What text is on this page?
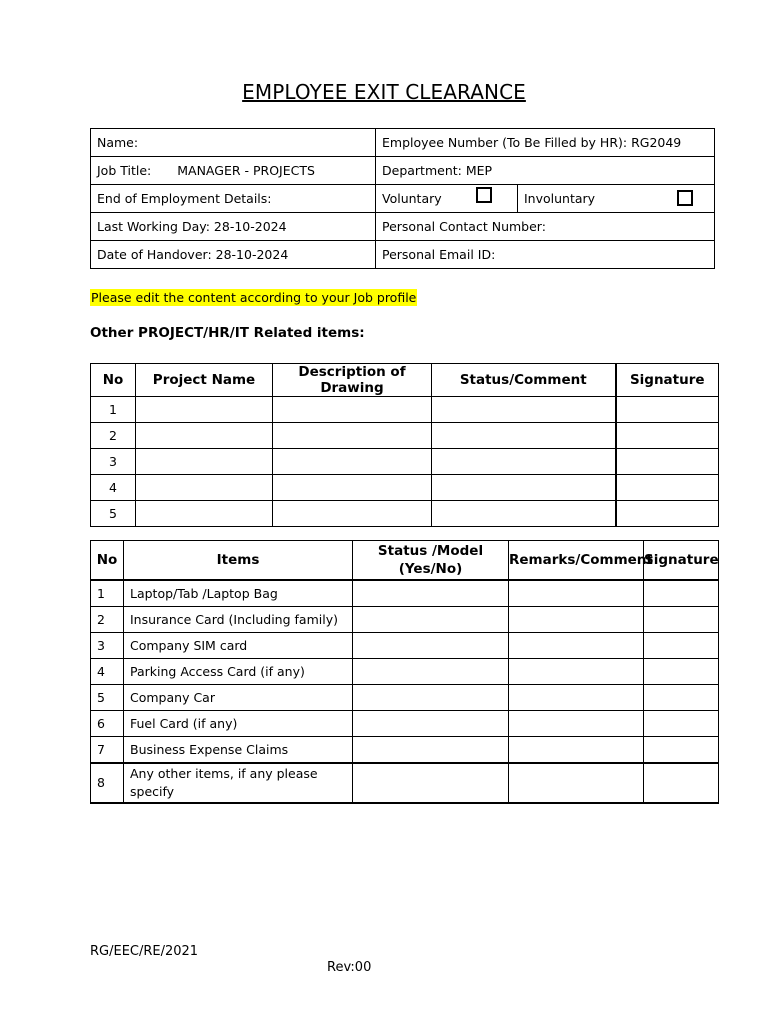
EMPLOYEE EXIT CLEARANCE
Name:	Employee Number (To Be Filled by HR): RG2049	
Job Title: MANAGER - PROJECTS	Department: MEP	
End of Employment Details:	Voluntary	Involuntary

Last Working Day: 28-10-2024	Personal Contact Number:	
Date of Handover: 28-10-2024	Personal Email ID:	
Please edit the content according to your Job profile
Other PROJECT/HR/IT Related items:
No	Project Name	Description of Drawing	Status/Comment	Signature
1				
2				
3				
4				
5				
No	Items	Status /Model (Yes/No)	Remarks/Comment	Signature
1	Laptop/Tab /Laptop Bag			
2	Insurance Card (Including family)			
3	Company SIM card			
4	Parking Access Card (if any)			
5	Company Car			
6	Fuel Card (if any)			
7	Business Expense Claims			
8	Any other items, if any please specify			
RG/EEC/RE/2021
Rev:00
